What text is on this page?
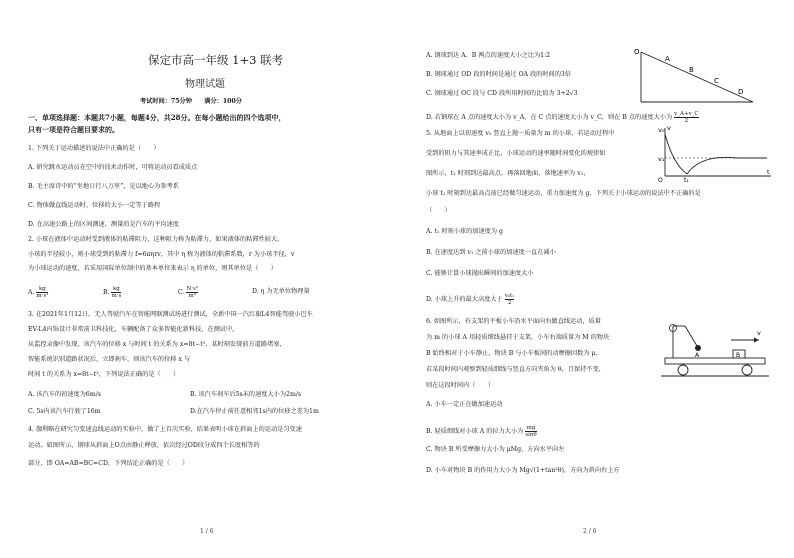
保定市高一年级 1+3 联考
物理试题
考试时间：75分钟　　满分：100分
一、单项选择题：本题共7小题，每题4分，共28分。在每小题给出的四个选项中，
只有一项是符合题目要求的。
1. 下列关于运动描述的说法中正确的是（　　）
A. 研究跳水运动员在空中的技术动作时，可将运动员看成质点
B. 毛主席诗中的“坐地日行八万里”，是以地心为参考系
C. 物体做直线运动时，位移的大小一定等于路程
D. 在高速公路上的区间测速，测量的是汽车的平均速度
2. 小球在液体中运动时受到液体的粘滞阻力，这种阻力称为粘滞力，如果液体的粘滞性较大，
小球的半径较小，则小球受到的粘滞力 f=6πηrv，其中 η 称为液体的粘滞系数，r 为小球半径，v
为小球运动的速度，若采用国际单位制中的基本单位来表示 η 的单位，则其单位是（　　）
A. $\frac{kg}{\text{m·s²}}$	B. $\frac{kg}{m\cdot s}$	C. $\frac{\text{N·s²}}{\text{m²}}$	D. η 为无单位物理量
3. 在2021年1月12日，无人驾驶汽车在智能网联测试场进行测试，全新中国一汽红旗L4智能驾驶小巴车
EV-L4内饰设计非常前卫科技化，车辆配备了众多智能化新科技，在测试中，
从监控录像中发现，该汽车的位移 x 与时间 t 的关系为 x=8t−t²，某时刻发现前方道路堵塞，
智能系统识别道路状况后，立即刹车，则该汽车的位移 x 与
时间 t 的关系为 x=8t−t²，下列说法正确的是（　　）
A. 该汽车的初速度为6m/s	B. 该汽车刹车后5s末的速度大小为2m/s
C. 5s内该汽车行驶了16m	D.在汽车停止前任意相邻1s内的位移之差为1m
4. 伽利略在研究匀变速直线运动的实验中，做了上百次实验，结果表明小球在斜面上的运动是匀变速
运动。如图所示，钢球从斜面上O点由静止释放，依次经过OD段分成四个长度相等的
部分，即 OA=AB=BC=CD，下列结论正确的是（　　）
1 / 6
A. 钢球到达 A、B 两点的速度大小之比为1:2
B. 钢球通过 OD 段的时间是通过 OA 段的时间的3倍
C. 钢球通过 OC 段与 CD 段所用时间的比值为 3+2√3
D. 若钢球在 A 点的速度大小为 v_A，在 C 点的速度大小为 v_C，则在 B 点的速度大小为 $\frac{v\_A+v\_C}{2}$
O
A
B
C
D
5. 从地面上以初速度 v₀ 竖直上抛一质量为 m 的小球，若运动过程中
受到的阻力与其速率成正比，小球运动的速率随时间变化的规律如
图所示，t₁ 时刻到达最高点，再落回地面，落地速率为 v₁，
小球 t₁ 时刻到达最高点前已经做匀速运动，重力加速度为 g，下列关于小球运动的说法中不正确的是
（　　）
A. t₁ 时刻小球的加速度为 g
B. 在速度达到 v₁ 之前小球的加速度一直在减小
C. 能够计算小球抛出瞬间的加速度大小
D. 小球上升的最大高度大于 $\frac{\text{v₀t₁}}{2}$
v₀
v₁
v
t
t₁
O
6. 如图所示，有支架的平板小车沿水平面向右做直线运动，质量
为 m 的小球 A 用轻质细线悬挂于支架，小车右端质量为 M 的物块
B 始终相对于小车静止，物块 B 与小车板间的动摩擦因数为 μ，
若某段时间内观察到轻质细线与竖直方向夹角为 θ，且保持不变，
则在这段时间内（　　）
A. 小车一定正在做加速运动
B. 轻质细线对小球 A 的拉力大小为 $\frac{mg}{\sin\theta}$
C. 物块 B 所受摩擦力大小为 μMg，方向水平向左
D. 小车对物块 B 的作用力大小为 Mg√(1+tan²θ)，方向为斜向右上方
A	B
v
2 / 6
